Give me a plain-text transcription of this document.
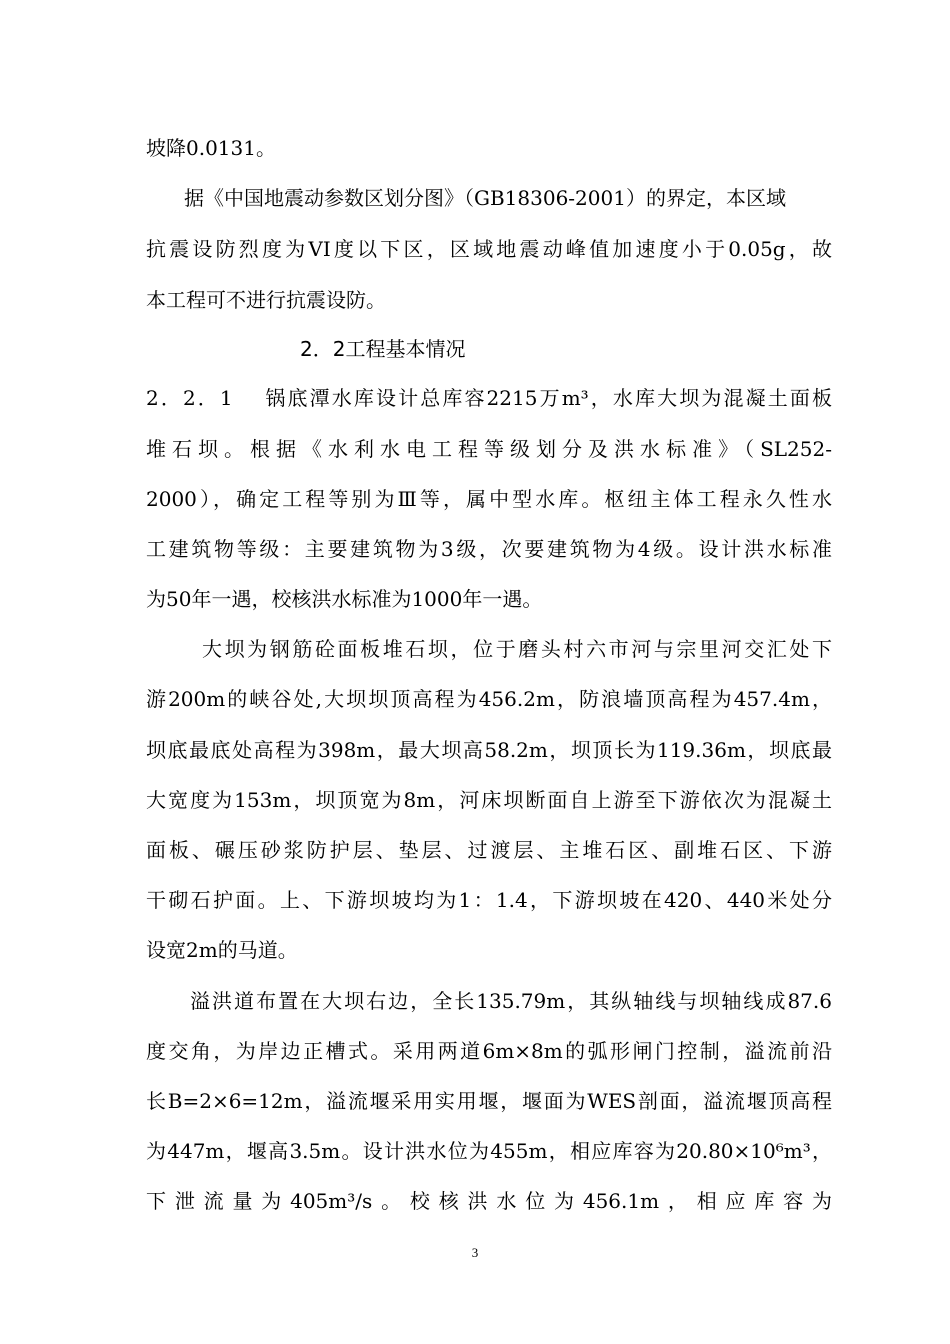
坡降0.0131。
据《中国地震动参数区划分图》（GB18306-2001）的界定，本区域
抗震设防烈度为VI度以下区，区域地震动峰值加速度小于0.05g，故
本工程可不进行抗震设防。
2．2工程基本情况
2．2．1　 锅底潭水库设计总库容2215万m³，水库大坝为混凝土面板
堆石坝。根据《水利水电工程等级划分及洪水标准》（SL252-
2000），确定工程等别为Ⅲ等，属中型水库。枢纽主体工程永久性水
工建筑物等级：主要建筑物为3级，次要建筑物为4级。设计洪水标准
为50年一遇，校核洪水标准为1000年一遇。
大坝为钢筋砼面板堆石坝，位于磨头村六市河与宗里河交汇处下
游200m的峡谷处,大坝坝顶高程为456.2m，防浪墙顶高程为457.4m，
坝底最底处高程为398m，最大坝高58.2m，坝顶长为119.36m，坝底最
大宽度为153m，坝顶宽为8m，河床坝断面自上游至下游依次为混凝土
面板、碾压砂浆防护层、垫层、过渡层、主堆石区、副堆石区、下游
干砌石护面。上、下游坝坡均为1：1.4，下游坝坡在420、440米处分
设宽2m的马道。
溢洪道布置在大坝右边，全长135.79m，其纵轴线与坝轴线成87.6
度交角，为岸边正槽式。采用两道6m×8m的弧形闸门控制，溢流前沿
长B=2×6=12m，溢流堰采用实用堰，堰面为WES剖面，溢流堰顶高程
为447m，堰高3.5m。设计洪水位为455m，相应库容为20.80×10⁶m³，
下泄流量为405m³/s。校核洪水位为456.1m，相应库容为
3
